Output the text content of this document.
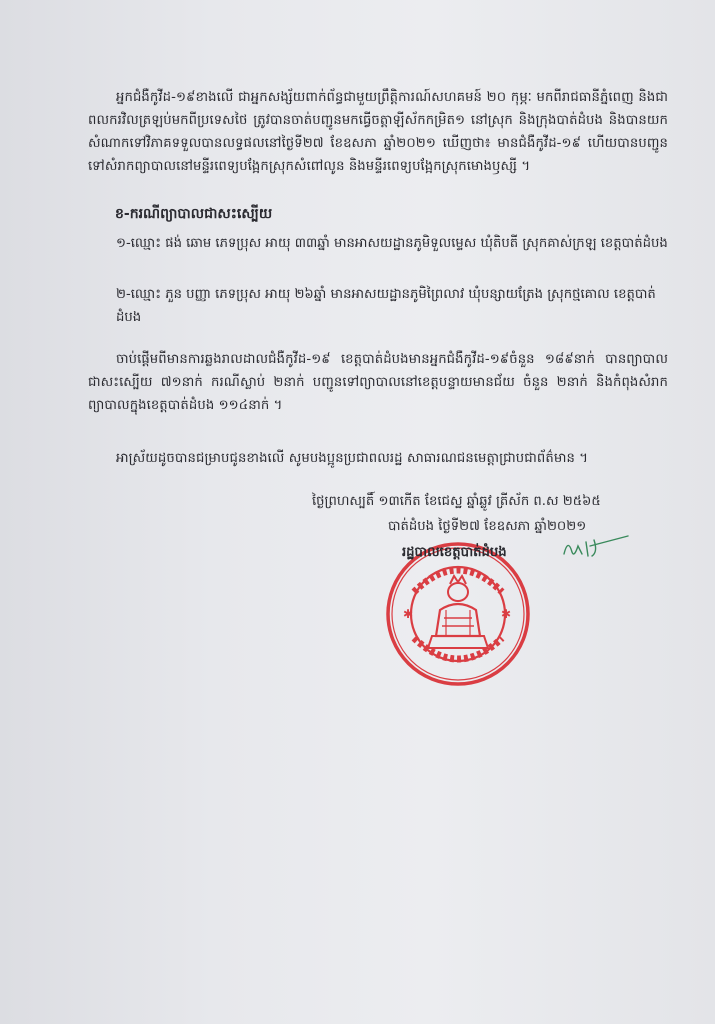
អ្នកជំងឺកូវីដ-១៩ខាងលើ ជាអ្នកសង្ស័យពាក់ព័ន្ធជាមួយព្រឹត្តិការណ៍សហគមន៍ ២០ កុម្ភៈ មកពីរាជធានីភ្នំពេញ និងជាពលករវិលត្រឡប់មកពីប្រទេសថៃ ត្រូវបានចាត់បញ្ជូនមកធ្វើចត្តាឡីស័កកម្រិត១ នៅស្រុក និងក្រុងបាត់ដំបង និងបានយកសំណាកទៅវិភាគទទួលបានលទ្ធផលនៅថ្ងៃទី២៧ ខែឧសភា ឆ្នាំ២០២១ ឃើញថា៖ មានជំងឺកូវីដ-១៩ ហើយបានបញ្ជូនទៅសំរាកព្យាបាលនៅមន្ទីរពេទ្យបង្អែកស្រុកសំពៅលូន និងមន្ទីរពេទ្យបង្អែកស្រុកមោងឫស្សី ។
ខ-ករណីព្យាបាលជាសះស្បើយ
១-ឈ្មោះ ផង់ ឆោម ភេទប្រុស អាយុ ៣៣ឆ្នាំ មានអាសយដ្ឋានភូមិទួលម្ទេស ឃុំតិបតី ស្រុកគាស់ក្រឡ ខេត្តបាត់ដំបង
២-ឈ្មោះ ភួន បញ្ញា ភេទប្រុស អាយុ ២៦ឆ្នាំ មានអាសយដ្ឋានភូមិព្រៃលាវ ឃុំបន្សាយត្រែង ស្រុកថ្មគោល ខេត្តបាត់ដំបង
ចាប់ផ្តើមពីមានការឆ្លងរាលដាលជំងឺកូវីដ-១៩ ខេត្តបាត់ដំបងមានអ្នកជំងឺកូវីដ-១៩ចំនួន ១៨៩នាក់ បានព្យាបាលជាសះស្បើយ ៧១នាក់ ករណីស្លាប់ ២នាក់ បញ្ជូនទៅព្យាបាលនៅខេត្តបន្ទាយមានជ័យ ចំនួន ២នាក់ និងកំពុងសំរាកព្យាបាលក្នុងខេត្តបាត់ដំបង ១១៤នាក់ ។
អាស្រ័យដូចបានជម្រាបជូនខាងលើ សូមបងប្អូនប្រជាពលរដ្ឋ សាធារណជនមេត្តាជ្រាបជាព័ត៌មាន ។
ថ្ងៃព្រហស្បតិ៍ ១៣កើត ខែជេស្ឋ ឆ្នាំឆ្លូវ ត្រីស័ក ព.ស ២៥៦៥
បាត់ដំបង ថ្ងៃទី២៧ ខែឧសភា ឆ្នាំ២០២១
✱	✱
រដ្ឋបាលខេត្តបាត់ដំបង
